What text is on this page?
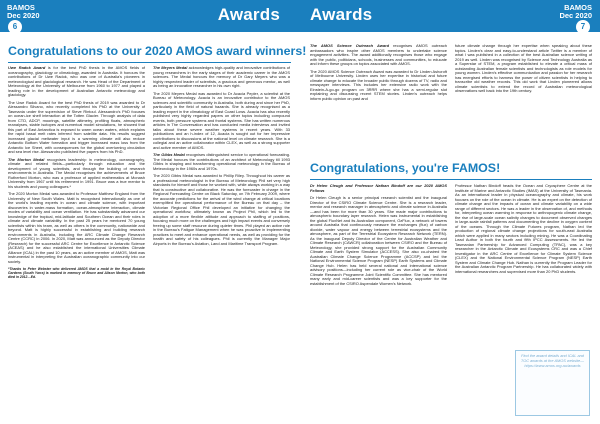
BAMOS
Dec 2020
6
Awards Awards	BAMOS
Dec 2020
7
Congratulations to our 2020 AMOS award winners!

Uwe Radok Award is for the best PhD thesis in the AMOS fields of oceanography, glaciology or climatology, awarded in Australia. It honours the contributions of Dr Uwe Radok, who was one of Australia's pioneers in meteorological and glaciological research. He was Head of the Department of Meteorology at the University of Melbourne from 1960 to 1977 and played a leading role in the development of Australian Antarctic meteorology and glaciology.

The Uwe Radok Award for the best PhD thesis of 2019 was awarded to Dr Alessandro Silvano, who recently completed his PhD at the University of Tasmania under the supervision of Steve Rintoul. Alessandro's PhD focuses on ocean-ice shelf interaction at the Totten Glacier. Through analysis of data from CTD, ADCP, moorings, satellite altimetry, profiling floats, atmospheric reanalyses, stable isotopes and numerical model simulations, he showed that this part of East Antarctica is exposed to warm ocean waters, which explains the rapid basal melt rates inferred from satellite data. His results suggest increased glacial meltwater input is a warming climate will also reduce Antarctic Bottom Water formation and trigger increased mass loss from the Antarctic Ice Sheet, with consequences for the global overturning circulation and sea level rise. Alessandro published five papers from his PhD.

The Morton Medal recognises leadership in meteorology, oceanography, climate and related fields—particularly through education and the development of young scientists, and through the building of research environments in Australia. The Medal recognises the achievements of Bruce Rutherford Morton, who was a professor of applied mathematics at Monash University from 1967 until his retirement in 1991. Bruce was a true mentor to his students and young colleagues.*

The 2020 Morton Medal was awarded to Professor Matthew England from the University of New South Wales. Matt is recognised internationally as one of the world's leading experts in ocean and climate science, with important discoveries in water-mass formation, ocean-atmosphere interaction, climate modes of variability and ocean ventilation. He has substantially advanced our knowledge of the tropical, mid-latitude and Southern Ocean and their roles in climate and climate variability. In the past 25 years he mentored 70 young scientists within his team, as well as others in the community, nationwide and beyond. Matt is highly successful in establishing and building research environments in Australia, including the ARC Climate Change Research Centre (CCRC) in 2006. In 2020, Matt was announced as the Deputy Director (Research) for the successful ARC Centre for Excellence in Antarctic Science (ACEAS) and he also established the international Universities Climate Alliance (ICAL) in the past 10 years, as an active member of AMOS, Matt was instrumental in interpreting the Australian oceanographic community into our society.

*Thanks to Peter Webster who delivered AMOS that a mold in the Royal Botanic Gardens (South Yarra) is marked in memory of Bruce and Alison Morton, who both died in 2012—Ed.

The Meyers Medal acknowledges high-quality and innovative contributions of young researchers in the early stages of their academic career in the AMOS sciences. The Medal honours the memory of Dr Gary Meyers who was a highly respected leader of scientists, a gracious and generous mentor, as well as being an innovative researcher in his own right.

The 2020 Meyers Medal was awarded to Dr Acacia Pepler, a scientist at the Bureau of Meteorology. Acacia is an innovative contributor to the AMOS sciences and scientific community in Australia, both during and since her PhD, particularly in the field of natural hazards. She is already recognised as a leading expert in the climatology of East Coast Lows. Acacia has also recently published very highly regarded papers on other topics including compound events, both pressure systems and frontal systems. She has written numerous articles in The Conversation and has conducted media interviews and invited talks about these severe weather systems in recent years. With 33 publications and an h-index of 12, Acacia is sought out for her impressive contributions to discussions at the national level on climate research. She is a collegial and an active collaborator within CLEX, as well as a strong supporter and active member of AMOS.

The Gibbs Medal recognises distinguished service to operational forecasting. The Medal honours the contributions of an architect of Meteorology till 1993 Gibbs in shaping and transforming operational meteorology in the Bureau of Meteorology in the 1960s and 1970s.

The 2020 Gibbs Medal was awarded to Phillip Riley. Throughout his career as a professional meteorologist in the Bureau of Meteorology Phil set very high standards for himself and those he worked with, while always working in a way that is constructive and collaborative. He was the forecaster in charge in the Regional Forecasting Centre on Black Saturday, on 7th February 2009, where the accurate predictions for the arrival of the wind change at critical locations exemplified the operational performance of the Bureau on that day – the Victorian Regional Office Phil developed an initiative for changing the operational workflow, ultimately known as Project Phil, which led to the adoption of a more flexible attitude and approach to staffing of positions, focusing much more on the challenges and high impact events and conversely freeing up some staff resource during quieter times. Phil played an active role in the Bureau's Fatigue Management when he was proactive in implementing practices to meet and enhance operational needs, as well as providing for the health and safety of his colleagues. Phil is currently the Manager Major Airports in the Bureau's Aviation, Land and Maritime Transport Program.

The AMOS Science Outreach Award recognises AMOS outreach ambassadors who inspire other AMOS members to undertake science engagement activities. The award additionally recognises those who engage with the public, politicians, schools, businesses and communities, to educate and inform these groups on topics associated with AMOS.

The 2020 AMOS Science Outreach Award was awarded to Dr Linden Ashcroft of Melbourne University. Linden uses her expertise in historical and future climate change to educate the broader public through dozens of TV, radio and newspaper interviews. This includes her extensive radio work with the Einstein-A-go-go program on 3RRR where she has a semi-regular slot explaining and discussing recent STEM stories. Linden's outreach helps inform public opinion on past and

future climate change through her expertise when speaking about these topics. Linden's clear and easy-to-understand article Twitter is a member of what I was published in a collection of the best Australian science writing of 2019 as well. Linden was recognised by Science and Technology Australia as a Superstar of STEM, a program established to elevate a critical mass of outstanding Australian female scientists and technologists as role models for young women. Linden's effective communication and passion for her research has energised efforts to harness the power of citizen scientists in helping to transcribe old weather records. This old work that Linden pioneered allows climate scientists to extend the record of Australian meteorological observations well back into the 19th century.

Congratulations, you're FAMOS!

Dr Helen Cleugh and Professor Nathan Bindoff are our 2020 AMOS Fellows

Dr Helen Cleugh is a senior principal research scientist and the inaugural Director of the CSIRO Climate Science Centre. She is a research leader, mentor and research manager in atmospheric and climate science in Australia—and has been for more than 30 years. She made major contributions to atmospheric boundary layer research. Helen was instrumental in establishing the global FluxNet and its Australian component, OzFlux, a network of towers around Australia that continuously measure the exchanges (flux) of carbon dioxide, water vapour and energy between terrestrial ecosystems and the atmosphere, as part of the Terrestrial Ecosystem Research Network (TERN). As the inaugural Deputy Director of the Centre for Australian Weather and Climate Research (CAWCR) collaboration between CSIRO and the Bureau of Meteorology, she provided strong support for the Australian Community Climate and Earth System Simulator (ACCESS). She also co-chaired the Australian Climate Change Science Programme (ACCSP) and led the National Environmental Science Program (NESP) Earth Systems and Climate Change Hub. Helen has held several national and international science advisory positions—including her current role as vice-chair of the World Climate Research Programme Joint Scientific Committee. She has mentored many early and mid-career scientists and was a key supporter for the establishment of the CSIRO Aspendale Women's Network.

Professor Nathan Bindoff heads the Ocean and Cryosphere Centre at the Institute of Marine and Antarctic Studies (IMAS) at the University of Tasmania. As an international leader in physical oceanography and climate, his work focuses on the role of the ocean in climate. He is an expert on the detection of climate change and the impacts of ocean and climate variability on a wide range of different sectors. He was a leader in the observation of, and methods for, interpreting ocean warming in response to anthropogenic climate change, the rise of large-scale ocean salinity changes to document observed changes in large-scale rainfall patterns and documenting the decline in oxygen content of the oceans. Through the Climate Futures program, Nathan led the production of regional climate change projections for south-east Australia which were applied in many sectors including mining. He was a Coordinating Lead Author in both the fourth and fifth IPCC Assessments. He led the Tasmanian Partnership for Advanced Computing (TPAC), was a key researcher in the Antarctic Climate and Ecosystems CRC and was a Chief Investigator in the ARC Centre of Excellence for Climate System Science (CLEX) and the National Environmental Science Program (NESP) Earth System and Climate Change Hub. Nathan is currently the Program Leader for the Australian Antarctic Program Partnership. He has collaborated widely with international researchers and supervised more than 20 PhD students.

Find the award details and ICAL and TOC awards at the AMOS website—https://www.amos.org.au/awards
